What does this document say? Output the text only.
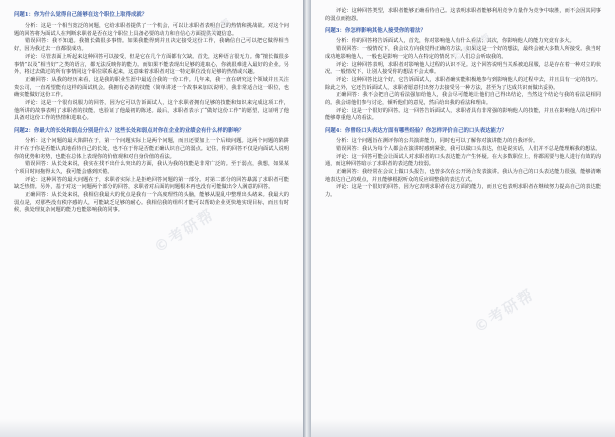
问题1：你为什么觉得自己能够在这个职位上取得成就？

分析：这是一个相当宽泛的问题，它给求职者提供了一个机会，可以让求职者表明自己的热情和挑战欲。对这个问题的回答将为面试人在判断求职者是否在这个职位上具备必要的动力和自信心方面提供关键信息。

错误回答：我不知道。我擅长做很多事情。如果我能得到并且决定接受这份工作，我确信自己可以把它做得相当好，因为我过去一直都很成功。

评论：尽管表面上听起来这种回答可以接受，但是它在几个方面都有欠缺。首先，这种语言很无力。像“擅长做很多事情”以及“相当好”之类的语言，都无法反映你的能力。而如果不能表现出足够的进取心，你就很难进入最好的企业。另外，将过去做过的所有事情同这个职位联系起来，这意味着求职者对这一特定职位没有足够的热情或兴趣。

正确回答：从我的经历来看，这是我的职业生涯中最适合我的一份工作。几年来，我一直在研究这个领域并且关注贵公司，一直希望能有这样的面试机会。我拥有必备的技能（简单讲述一个故事来加以说明），我非常适合这一职位，也确实能做好这份工作。

评论：这是一个很有说服力的回答，因为它可以告诉面试人，这个求职者拥有足够的技能和知识来完成这项工作，他所讲的故事表明了求职者的技能，也验证了他最初的陈述。最后，求职者表示了“做好这份工作”的愿望，这证明了他具备对这份工作的热情和进取心。

问题2：你最大的长处和弱点分别是什么？这些长处和弱点对你在企业的业绩会有什么样的影响？

分析：这个问题的最大陷阱在于，第一个问题实际上是两个问题，而且还要加上一个后续问题。这两个问题的陷阱并不在于你是否能认真地看待自己的长处，也不在于你是否能正确认识自己的弱点。记住，你的回答不仅是向面试人说明你的优势和劣势，也能在总体上表现你的价值观和对自身价值的看法。

错误回答：从长处来说，我实在找不出什么突出的方面，我认为我的技能是非常广泛的。至于弱点，我想，如果某个项目时间拖得太久，我可能会感到厌倦。

评论：这种回答的最大问题在于，求职者实际上是拒绝回答问题的第一部分。对第二部分的回答暴露了求职者可能缺乏热情。另外，基于对这一问题两个部分的回答，求职者对后面的问题根本再也没有可能做出令人满意的回答。

正确回答：从长处来说，我相信我最大的优点是我有一个高度理性的头脑，能够从混乱中整理出头绪来。我最大的弱点是，对那些没有秩序感的人，可能缺乏足够的耐心。我相信我的组织才能可以帮助企业更快地实现目标，而且有时候，我处理复杂问题的能力也能影响我的同事。

评论：这种回答类型，求职者能够正确看待自己。这表明求职者能够利用竞争力量作为竞争中取胜，而不会因其同事的弱点而抱怨。

问题3：你怎样影响其他人接受你的看法？

分析：你的回答将告诉面试人，首先，你对影响他人有什么看法；其次，你影响他人的能力究竟有多大。

错误回答：一般情况下，我会议方向我觉得正确的方法，如果这是一个好的想法，最终会被大多数人所接受。我当时成功地影响他人，一般也是影响一定的人在特定的情况下，人们总会听取我的。

评论：这种回答表明，求职者对影响他人过程的认识不足。这个回答说明当关系被迫屈服，总是存在着一种对立的状况。一般情况下，让别人接受你的想法不会太难。

评论：这种回答比这个好，它告诉面试人，求职者确实能积极地参与到影响他人的过程中去，并且具有一定的技巧。除此之外，它还告诉面试人，求职者愿意付出努力去接受另一种方法，甚至为了达成共识而做出妥协。

正确回答：我不会把自己的看法强加给他人，我会尽可能地让他们自己得出结论，当然这个结论与我的看法是相同的。我会请他们参与讨论，倾听他们的意见，然后给出我的看法和理由。

评论：这是一个很好的回答。这一回答告诉面试人，求职者具有非常强的影响他人的技能，并且在影响他人的过程中能够尊重他人的看法。

问题4：你曾经口头表达方面有哪些经验？你怎样评价自己的口头表达能力？

分析：这个问题旨在测评你的公共演讲能力，同时也可以了解你对演讲能力的自我评价。

错误回答：我认为每个人都会在演讲时感到紧张，我可以做口头表达，但是说实话，人们并不总是能理解我的想法。

评论：这一回答可能会让面试人对求职者的口头表达能力产生怀疑。在大多数职位上，你都需要与他人进行有效的沟通，而这种回答暗示了求职者的表达能力较弱。

正确回答：我经常在会议上做口头报告，也曾多次在公开场合发表演讲。我认为自己的口头表达能力很强，能够清晰地表达自己的观点，并且能够根据听众的反应调整我的表达方式。

评论：这是一个很好的回答，因为它表明求职者在这方面的能力，而且它也表明求职者在继续努力提高自己的表达能力。

©考研帮
©考研帮
©考研帮
©考研帮
